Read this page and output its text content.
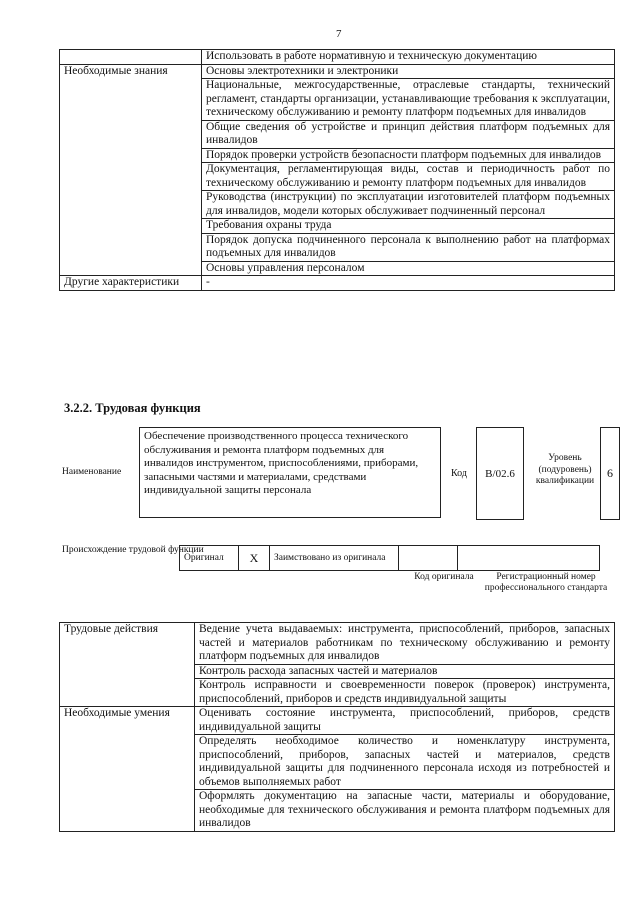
7
	Использовать в работе нормативную и техническую документацию
Необходимые знания	Основы электротехники и электроники
	Национальные, межгосударственные, отраслевые стандарты, технический регламент, стандарты организации, устанавливающие требования к эксплуатации, техническому обслуживанию и ремонту платформ подъемных для инвалидов
	Общие сведения об устройстве и принцип действия платформ подъемных для инвалидов
	Порядок проверки устройств безопасности платформ подъемных для инвалидов
	Документация, регламентирующая виды, состав и периодичность работ по техническому обслуживанию и ремонту платформ подъемных для инвалидов
	Руководства (инструкции) по эксплуатации изготовителей платформ подъемных для инвалидов, модели которых обслуживает подчиненный персонал
	Требования охраны труда
	Порядок допуска подчиненного персонала к выполнению работ на платформах подъемных для инвалидов
	Основы управления персоналом
Другие характеристики	-
3.2.2. Трудовая функция
Наименование
Обеспечение производственного процесса технического обслуживания и ремонта платформ подъемных для инвалидов инструментом, приспособлениями, приборами, запасными частями и материалами, средствами индивидуальной защиты персонала
Код	B/02.6
Уровень (подуровень) квалификации
6
Происхождение трудовой функции
Оригинал	X	Заимствовано из оригинала		
Код оригинала	Регистрационный номер профессионального стандарта
Трудовые действия	Ведение учета выдаваемых: инструмента, приспособлений, приборов, запасных частей и материалов работникам по техническому обслуживанию и ремонту платформ подъемных для инвалидов
	Контроль расхода запасных частей и материалов
	Контроль исправности и своевременности поверок (проверок) инструмента, приспособлений, приборов и средств индивидуальной защиты
Необходимые умения	Оценивать состояние инструмента, приспособлений, приборов, средств индивидуальной защиты
	Определять необходимое количество и номенклатуру инструмента, приспособлений, приборов, запасных частей и материалов, средств индивидуальной защиты для подчиненного персонала исходя из потребностей и объемов выполняемых работ
	Оформлять документацию на запасные части, материалы и оборудование, необходимые для технического обслуживания и ремонта платформ подъемных для инвалидов
